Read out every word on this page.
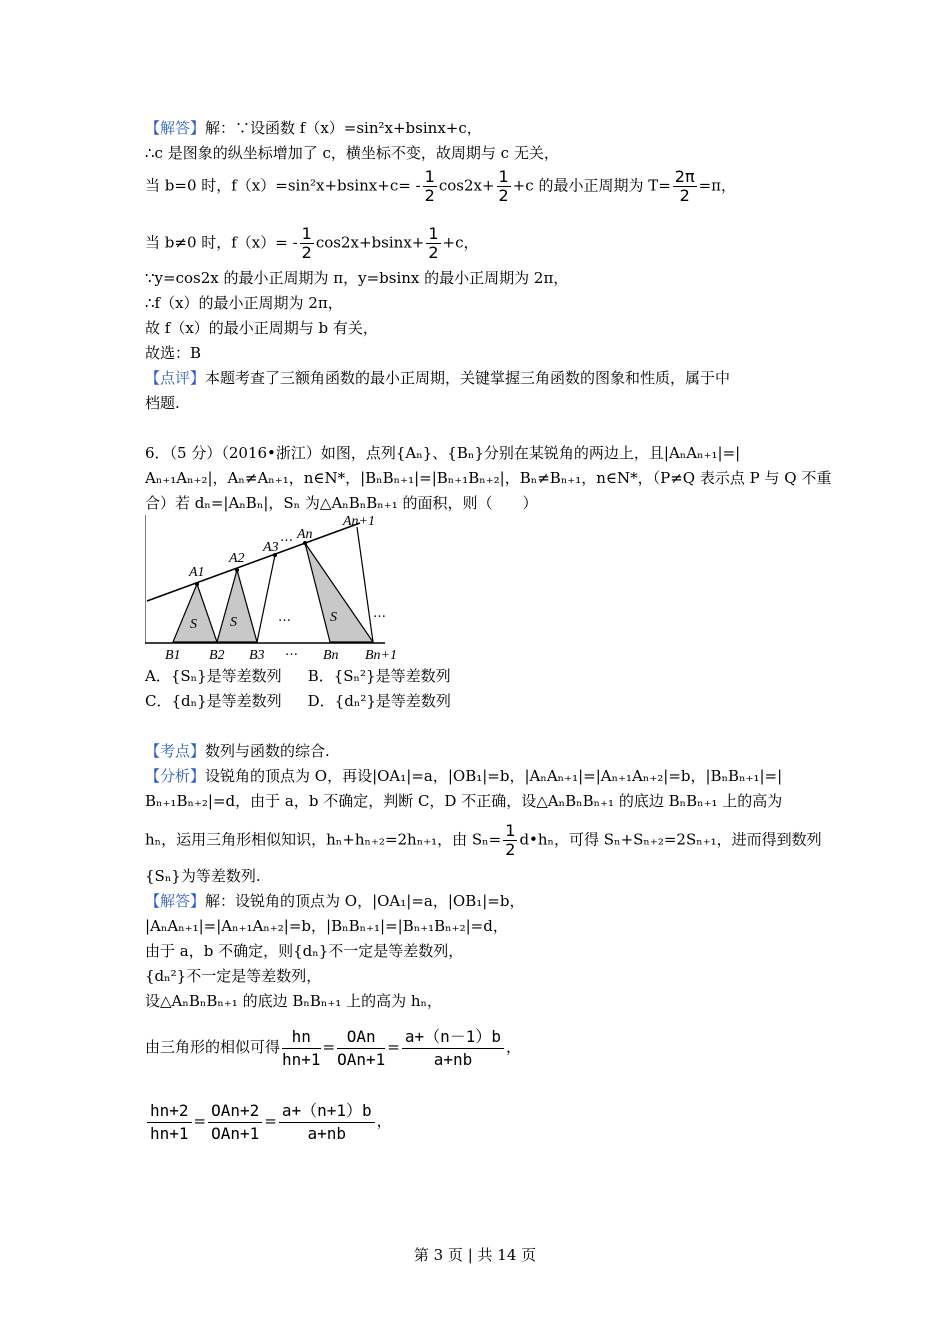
【解答】解：∵设函数 f（x）=sin²x+bsinx+c，
∴c 是图象的纵坐标增加了 c，横坐标不变，故周期与 c 无关，
当 b=0 时，$f(x)=\sin^2x+bsinx+c= - \frac{1}{2} \cos 2x+ \frac{1}{2} +c$ 的最小正周期为 $T= \frac{2\pi}{2} =\pi$，
当 b≠0 时，$f(x)= - \frac{1}{2} \cos 2x+bsinx+ \frac{1}{2} +c$，
∵y=cos2x 的最小正周期为 π，y=bsinx 的最小正周期为 2π，
∴f（x）的最小正周期为 2π，
故 f（x）的最小正周期与 b 有关，
故选：B
【点评】本题考查了三额角函数的最小正周期，关键掌握三角函数的图象和性质，属于中
档题.
6．（5 分）（2016•浙江）如图，点列{Aₙ}、{Bₙ}分别在某锐角的两边上，且|AₙAₙ₊₁|=|
Aₙ₊₁Aₙ₊₂|，Aₙ≠Aₙ₊₁，n∈N*，|BₙBₙ₊₁|=|Bₙ₊₁Bₙ₊₂|，Bₙ≠Bₙ₊₁，n∈N*，（P≠Q 表示点 P 与 Q 不重
合）若 dₙ=|AₙBₙ|，Sₙ 为△AₙBₙBₙ₊₁ 的面积，则（　　）
A1
A2
A3
An
An+1
B1 B2 B3	Bn Bn+1
S S	S
…
…	…
…
A．{Sₙ}是等差数列 B．{Sₙ²}是等差数列
C．{dₙ}是等差数列 D．{dₙ²}是等差数列
【考点】数列与函数的综合.
【分析】设锐角的顶点为 O，再设|OA₁|=a，|OB₁|=b，|AₙAₙ₊₁|=|Aₙ₊₁Aₙ₊₂|=b，|BₙBₙ₊₁|=|
Bₙ₊₁Bₙ₊₂|=d，由于 a，b 不确定，判断 C，D 不正确，设△AₙBₙBₙ₊₁ 的底边 BₙBₙ₊₁ 上的高为
hₙ，运用三角形相似知识，hₙ+hₙ₊₂=2hₙ₊₁，由 $S_n= \frac{1}{2}$ d•hₙ，可得 Sₙ+Sₙ₊₂=2Sₙ₊₁，进而得到数列
{Sₙ}为等差数列.
【解答】解：设锐角的顶点为 O，|OA₁|=a，|OB₁|=b，
|AₙAₙ₊₁|=|Aₙ₊₁Aₙ₊₂|=b，|BₙBₙ₊₁|=|Bₙ₊₁Bₙ₊₂|=d，
由于 a，b 不确定，则{dₙ}不一定是等差数列，
{dₙ²}不一定是等差数列，
设△AₙBₙBₙ₊₁ 的底边 BₙBₙ₊₁ 上的高为 hₙ，
由三角形的相似可得 $\frac{hn}{hn+1}$ =
OAn
OAn+1
= $\frac{a+(n-1)b}{a+nb}$ ，
$\frac{hn+2}{hn+1}$ =
OAn+2
OAn+1
= $\frac{a+(n+1)b}{a+nb}$ ，
第 3 页 | 共 14 页
